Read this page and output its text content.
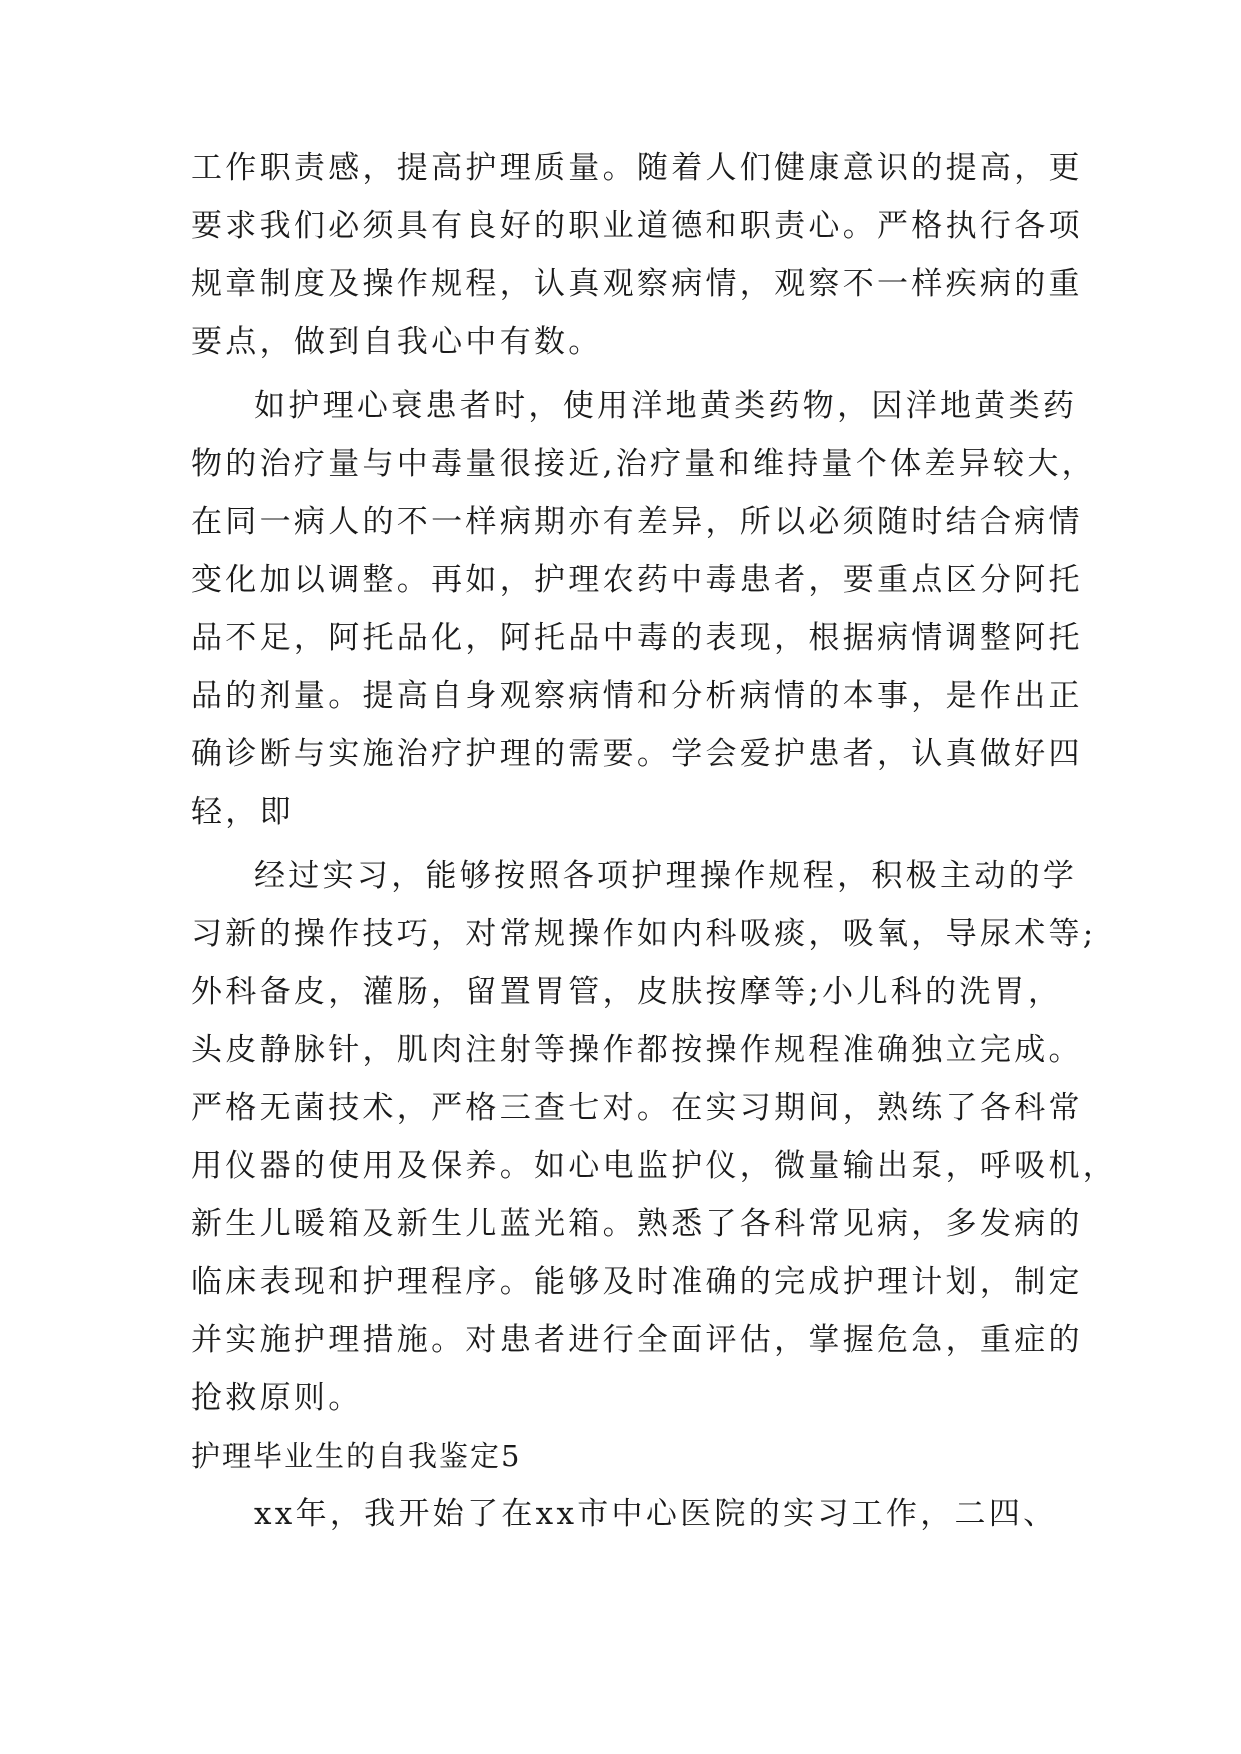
工作职责感，提高护理质量。随着人们健康意识的提高，更
要求我们必须具有良好的职业道德和职责心。严格执行各项
规章制度及操作规程，认真观察病情，观察不一样疾病的重
要点，做到自我心中有数。
如护理心衰患者时，使用洋地黄类药物，因洋地黄类药
物的治疗量与中毒量很接近,治疗量和维持量个体差异较大，
在同一病人的不一样病期亦有差异，所以必须随时结合病情
变化加以调整。再如，护理农药中毒患者，要重点区分阿托
品不足，阿托品化，阿托品中毒的表现，根据病情调整阿托
品的剂量。提高自身观察病情和分析病情的本事，是作出正
确诊断与实施治疗护理的需要。学会爱护患者，认真做好四
轻，即
经过实习，能够按照各项护理操作规程，积极主动的学
习新的操作技巧，对常规操作如内科吸痰，吸氧，导尿术等;
外科备皮，灌肠，留置胃管，皮肤按摩等;小儿科的洗胃，
头皮静脉针，肌肉注射等操作都按操作规程准确独立完成。
严格无菌技术，严格三查七对。在实习期间，熟练了各科常
用仪器的使用及保养。如心电监护仪，微量输出泵，呼吸机，
新生儿暖箱及新生儿蓝光箱。熟悉了各科常见病，多发病的
临床表现和护理程序。能够及时准确的完成护理计划，制定
并实施护理措施。对患者进行全面评估，掌握危急，重症的
抢救原则。
护理毕业生的自我鉴定5
xx年，我开始了在xx市中心医院的实习工作，二四、
